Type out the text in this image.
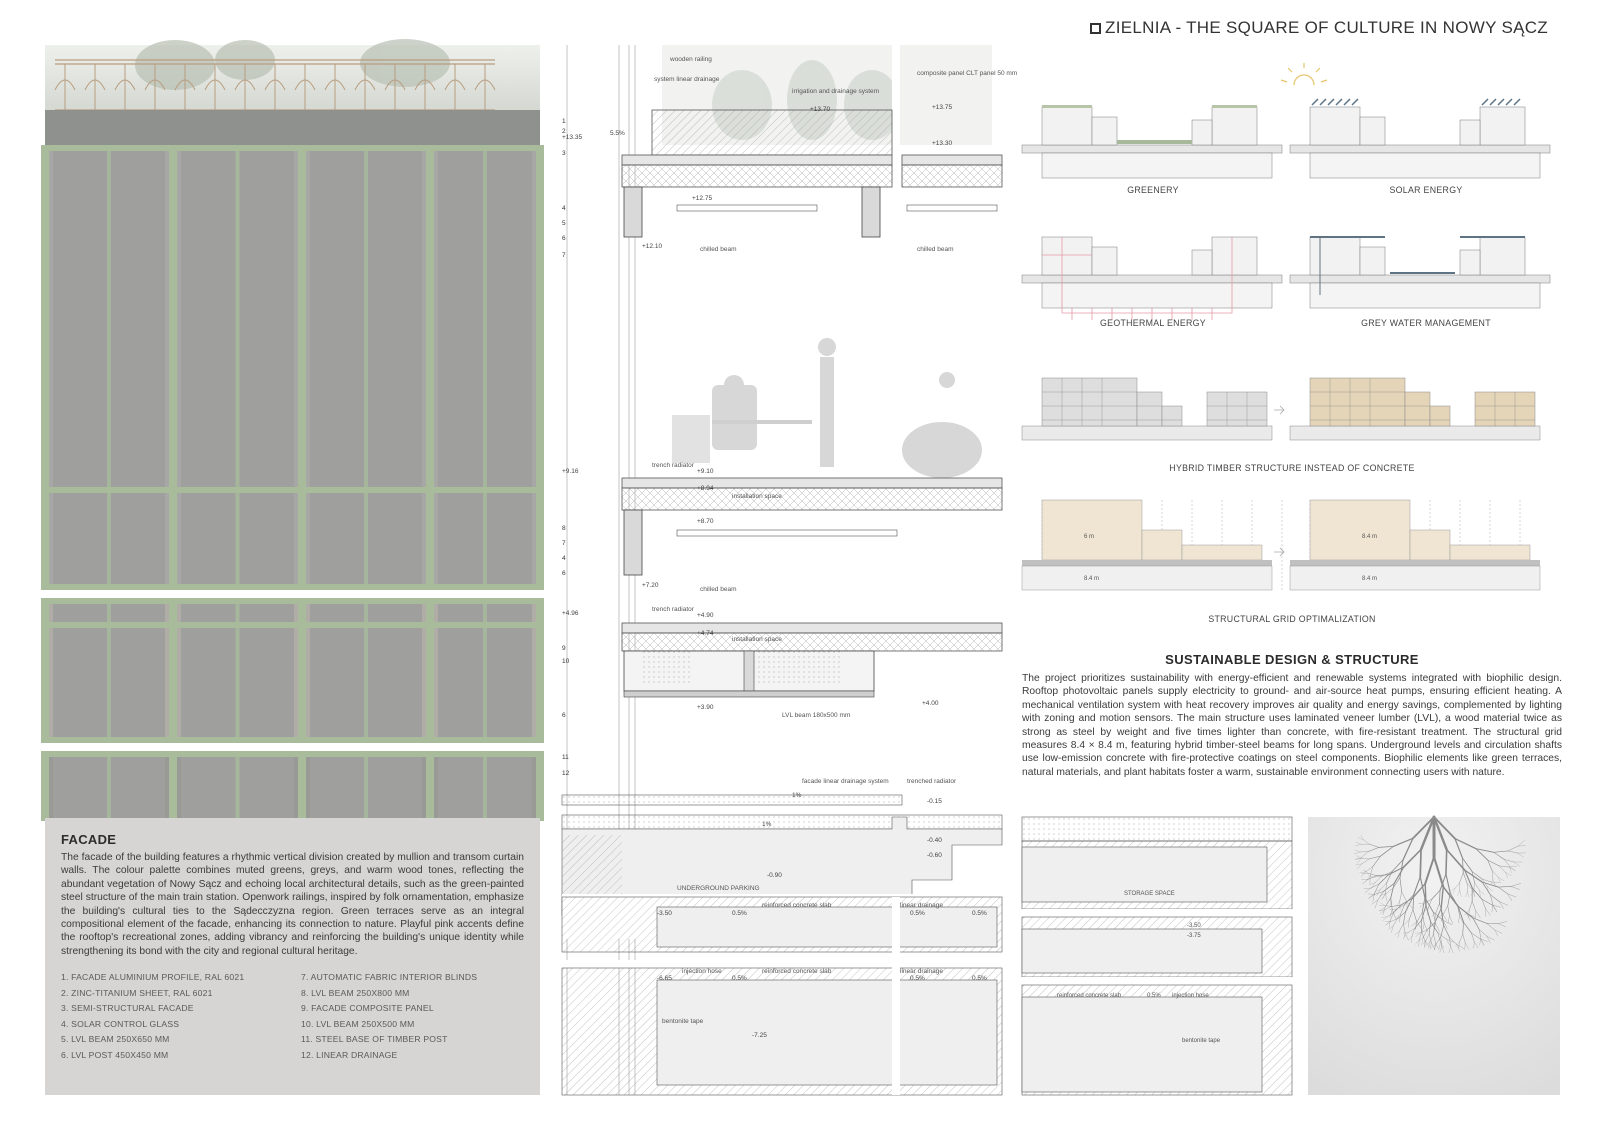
ZIELNIA - THE SQUARE OF CULTURE IN NOWY SĄCZ
FACADE

The facade of the building features a rhythmic vertical division created by mullion and transom curtain walls. The colour palette combines muted greens, greys, and warm wood tones, reflecting the abundant vegetation of Nowy Sącz and echoing local architectural details, such as the green-painted steel structure of the main train station. Openwork railings, inspired by folk ornamentation, emphasize the building's cultural ties to the Sądecczyzna region. Green terraces serve as an integral compositional element of the facade, enhancing its connection to nature. Playful pink accents define the rooftop's recreational zones, adding vibrancy and reinforcing the building's unique identity while strengthening its bond with the city and regional cultural heritage.

1. FACADE ALUMINIUM PROFILE, RAL 6021	7. AUTOMATIC FABRIC INTERIOR BLINDS
2. ZINC-TITANIUM SHEET, RAL 6021	8. LVL BEAM 250X800 MM
3. SEMI-STRUCTURAL FACADE	9. FACADE COMPOSITE PANEL
4. SOLAR CONTROL GLASS	10. LVL BEAM 250X500 MM
5. LVL BEAM 250X650 MM	11. STEEL BASE OF TIMBER POST
6. LVL POST 450X450 MM	12. LINEAR DRAINAGE
wooden railing
system linear drainage
irrigation and drainage system
composite panel CLT panel 50 mm
chilled beam	chilled beam
chilled beam
trench radiator
trench radiator
installation space
installation space
LVL beam 180x500 mm
facade linear drainage system	trenched radiator
UNDERGROUND PARKING
reinforced concrete slab
reinforced concrete slab
linear drainage
linear drainage
injection hose
bentonite tape
+13.35
+13.70	+13.75
+13.30
+12.75
+12.10
+9.16	+9.10
+8.94
+8.70
+7.20
+4.96	+4.90
+4.74
+3.90
+4.00
-0.15
-0.40
-0.60
-0.90
-3.50
-6.65
-7.25
5.5%
1%
1%
0.5%	0.5%	0.5%
0.5%	0.5%	0.5%
1
2
3
4
5
6
7
8
7
4
6
9
10
6
11
12
6 m
8.4 m
8.4 m
8.4 m
GREENERY	SOLAR ENERGY
GEOTHERMAL ENERGY	GREY WATER MANAGEMENT
HYBRID TIMBER STRUCTURE INSTEAD OF CONCRETE
STRUCTURAL GRID OPTIMALIZATION
SUSTAINABLE DESIGN & STRUCTURE
The project prioritizes sustainability with energy-efficient and renewable systems integrated with biophilic design. Rooftop photovoltaic panels supply electricity to ground- and air-source heat pumps, ensuring efficient heating. A mechanical ventilation system with heat recovery improves air quality and energy savings, complemented by lighting with zoning and motion sensors. The main structure uses laminated veneer lumber (LVL), a wood material twice as strong as steel by weight and five times lighter than concrete, with fire-resistant treatment. The structural grid measures 8.4 × 8.4 m, featuring hybrid timber-steel beams for long spans. Underground levels and circulation shafts use low-emission concrete with fire-protective coatings on steel components. Biophilic elements like green terraces, natural materials, and plant habitats foster a warm, sustainable environment connecting users with nature.
STORAGE SPACE
-3.50
-3.75
reinforced concrete slab	0.5% injection hose
bentonite tape
